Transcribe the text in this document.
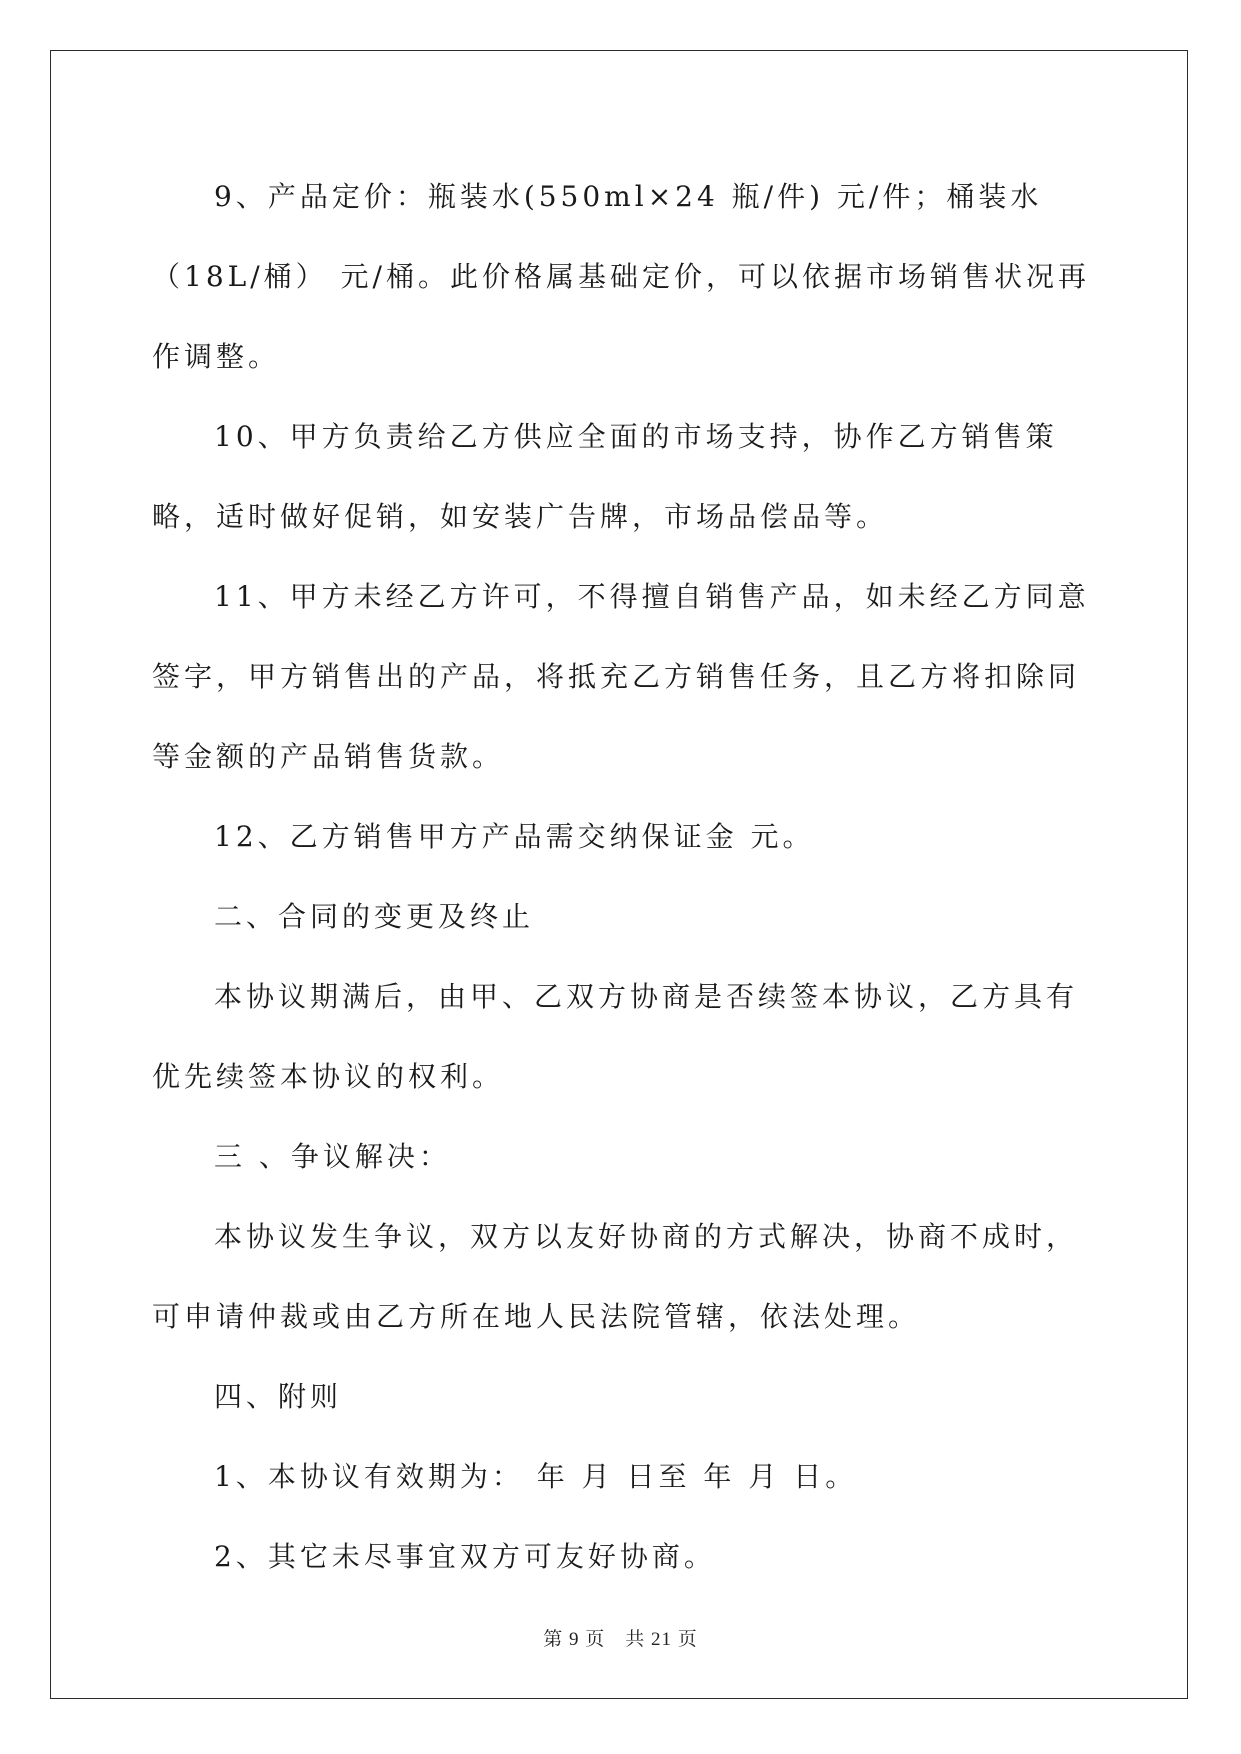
9、产品定价：瓶装水(550ml×24 瓶/件) 元/件；桶装水（18L/桶） 元/桶。此价格属基础定价，可以依据市场销售状况再作调整。

10、甲方负责给乙方供应全面的市场支持，协作乙方销售策略，适时做好促销，如安装广告牌，市场品偿品等。

11、甲方未经乙方许可，不得擅自销售产品，如未经乙方同意签字，甲方销售出的产品，将抵充乙方销售任务，且乙方将扣除同等金额的产品销售货款。

12、乙方销售甲方产品需交纳保证金 元。

二、合同的变更及终止

本协议期满后，由甲、乙双方协商是否续签本协议，乙方具有优先续签本协议的权利。

三 、争议解决：

本协议发生争议，双方以友好协商的方式解决，协商不成时，可申请仲裁或由乙方所在地人民法院管辖，依法处理。

四、附则

1、本协议有效期为： 年 月 日至 年 月 日。

2、其它未尽事宜双方可友好协商。

第 9 页　共 21 页
